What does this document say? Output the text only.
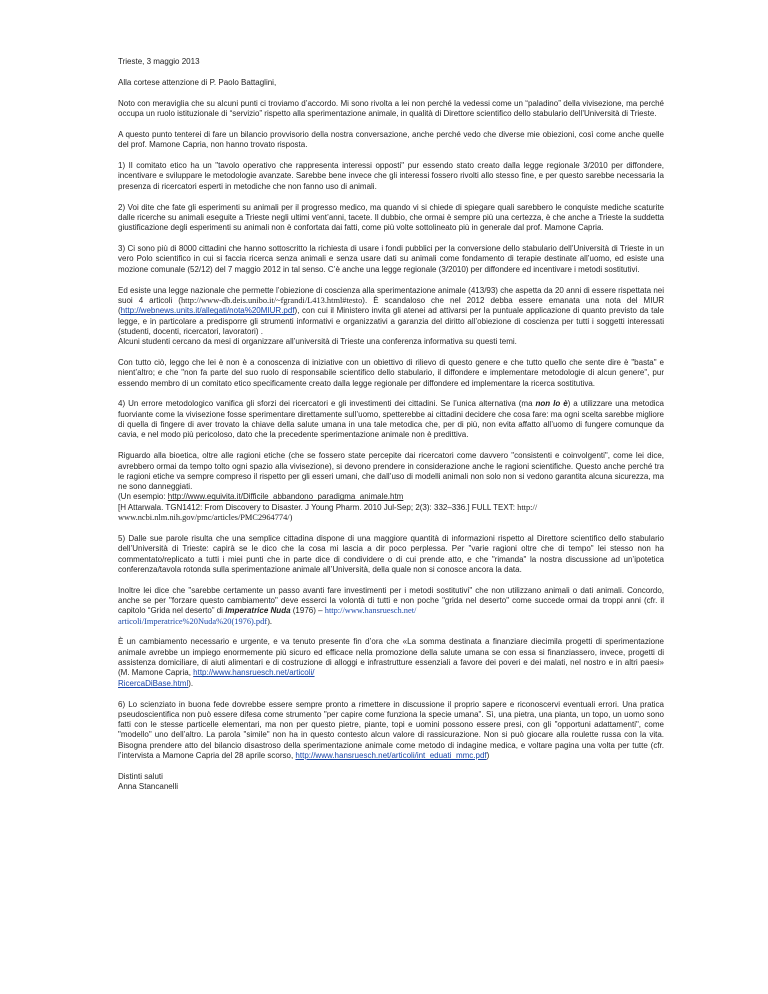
Trieste, 3 maggio 2013

Alla cortese attenzione di P. Paolo Battaglini,

Noto con meraviglia che su alcuni punti ci troviamo d’accordo. Mi sono rivolta a lei non perché la vedessi come un “paladino” della vivisezione, ma perché occupa un ruolo istituzionale di “servizio” rispetto alla sperimentazione animale, in qualità di Direttore scientifico dello stabulario dell’Università di Trieste.

A questo punto tenterei di fare un bilancio provvisorio della nostra conversazione, anche perché vedo che diverse mie obiezioni, così come anche quelle del prof. Mamone Capria, non hanno trovato risposta.

1) Il comitato etico ha un "tavolo operativo che rappresenta interessi opposti" pur essendo stato creato dalla legge regionale 3/2010 per diffondere, incentivare e sviluppare le metodologie avanzate. Sarebbe bene invece che gli interessi fossero rivolti allo stesso fine, e per questo sarebbe necessaria la presenza di ricercatori esperti in metodiche che non fanno uso di animali.

2) Voi dite che fate gli esperimenti su animali per il progresso medico, ma quando vi si chiede di spiegare quali sarebbero le conquiste mediche scaturite dalle ricerche su animali eseguite a Trieste negli ultimi vent’anni, tacete. Il dubbio, che ormai è sempre più una certezza, è che anche a Trieste la suddetta giustificazione degli esperimenti su animali non è confortata dai fatti, come più volte sottolineato più in generale dal prof. Mamone Capria.

3) Ci sono più di 8000 cittadini che hanno sottoscritto la richiesta di usare i fondi pubblici per la conversione dello stabulario dell’Università di Trieste in un vero Polo scientifico in cui si faccia ricerca senza animali e senza usare dati su animali come fondamento di terapie destinate all’uomo, ed esiste una mozione comunale (52/12) del 7 maggio 2012 in tal senso. C’è anche una legge regionale (3/2010) per diffondere ed incentivare i metodi sostitutivi.

Ed esiste una legge nazionale che permette l’obiezione di coscienza alla sperimentazione animale (413/93) che aspetta da 20 anni di essere rispettata nei suoi 4 articoli (http://www-db.deis.unibo.it/~fgrandi/L413.html#testo). È scandaloso che nel 2012 debba essere emanata una nota del MIUR (http://webnews.units.it/allegati/nota%20MIUR.pdf), con cui il Ministero invita gli atenei ad attivarsi per la puntuale applicazione di quanto previsto da tale legge, e in particolare a predisporre gli strumenti informativi e organizzativi a garanzia del diritto all’obiezione di coscienza per tutti i soggetti interessati (studenti, docenti, ricercatori, lavoratori) .
Alcuni studenti cercano da mesi di organizzare all’università di Trieste una conferenza informativa su questi temi.

Con tutto ciò, leggo che lei è non è a conoscenza di iniziative con un obiettivo di rilievo di questo genere e che tutto quello che sente dire è "basta" e nient’altro; e che "non fa parte del suo ruolo di responsabile scientifico dello stabulario, il diffondere e implementare metodologie di alcun genere", pur essendo membro di un comitato etico specificamente creato dalla legge regionale per diffondere ed implementare la ricerca sostitutiva.

4) Un errore metodologico vanifica gli sforzi dei ricercatori e gli investimenti dei cittadini. Se l’unica alternativa (ma non lo è) a utilizzare una metodica fuorviante come la vivisezione fosse sperimentare direttamente sull’uomo, spetterebbe ai cittadini decidere che cosa fare: ma ogni scelta sarebbe migliore di quella di fingere di aver trovato la chiave della salute umana in una tale metodica che, per di più, non evita affatto all’uomo di fungere comunque da cavia, e nel modo più pericoloso, dato che la precedente sperimentazione animale non è predittiva.

Riguardo alla bioetica, oltre alle ragioni etiche (che se fossero state percepite dai ricercatori come davvero "consistenti e coinvolgenti", come lei dice, avrebbero ormai da tempo tolto ogni spazio alla vivisezione), si devono prendere in considerazione anche le ragioni scientifiche. Questo anche perché tra le ragioni etiche va sempre compreso il rispetto per gli esseri umani, che dall’uso di modelli animali non solo non si vedono garantita alcuna sicurezza, ma ne sono danneggiati.
(Un esempio: http://www.equivita.it/Difficile_abbandono_paradigma_animale.htm
[H Attarwala. TGN1412: From Discovery to Disaster. J Young Pharm. 2010 Jul-Sep; 2(3): 332–336.] FULL TEXT: http://
www.ncbi.nlm.nih.gov/pmc/articles/PMC2964774/)

5) Dalle sue parole risulta che una semplice cittadina dispone di una maggiore quantità di informazioni rispetto al Direttore scientifico dello stabulario dell’Università di Trieste: capirà se le dico che la cosa mi lascia a dir poco perplessa. Per "varie ragioni oltre che di tempo" lei stesso non ha commentato/replicato a tutti i miei punti che in parte dice di condividere o di cui prende atto, e che "rimanda" la nostra discussione ad un’ipotetica conferenza/tavola rotonda sulla sperimentazione animale all’Università, della quale non si conosce ancora la data.

Inoltre lei dice che "sarebbe certamente un passo avanti fare investimenti per i metodi sostitutivi" che non utilizzano animali o dati animali. Concordo, anche se per "forzare questo cambiamento" deve esserci la volontà di tutti e non poche "grida nel deserto" come succede ormai da troppi anni (cfr. il capitolo “Grida nel deserto” di Imperatrice Nuda (1976) – http://www.hansruesch.net/
articoli/Imperatrice%20Nuda%20(1976).pdf).

È un cambiamento necessario e urgente, e va tenuto presente fin d’ora che «La somma destinata a finanziare diecimila progetti di sperimentazione animale avrebbe un impiego enormemente più sicuro ed efficace nella promozione della salute umana se con essa si finanziassero, invece, progetti di assistenza domiciliare, di aiuti alimentari e di costruzione di alloggi e infrastrutture essenziali a favore dei poveri e dei malati, nel nostro e in altri paesi» (M. Mamone Capria, http://www.hansruesch.net/articoli/
RicercaDiBase.html).

6) Lo scienziato in buona fede dovrebbe essere sempre pronto a rimettere in discussione il proprio sapere e riconoscervi eventuali errori. Una pratica pseudoscientifica non può essere difesa come strumento "per capire come funziona la specie umana". Sì, una pietra, una pianta, un topo, un uomo sono fatti con le stesse particelle elementari, ma non per questo pietre, piante, topi e uomini possono essere presi, con gli "opportuni adattamenti", come "modello" uno dell’altro. La parola "simile" non ha in questo contesto alcun valore di rassicurazione. Non si può giocare alla roulette russa con la vita. Bisogna prendere atto del bilancio disastroso della sperimentazione animale come metodo di indagine medica, e voltare pagina una volta per tutte (cfr. l’intervista a Mamone Capria del 28 aprile scorso, http://www.hansruesch.net/articoli/int_eduati_mmc.pdf)

Distinti saluti
Anna Stancanelli
